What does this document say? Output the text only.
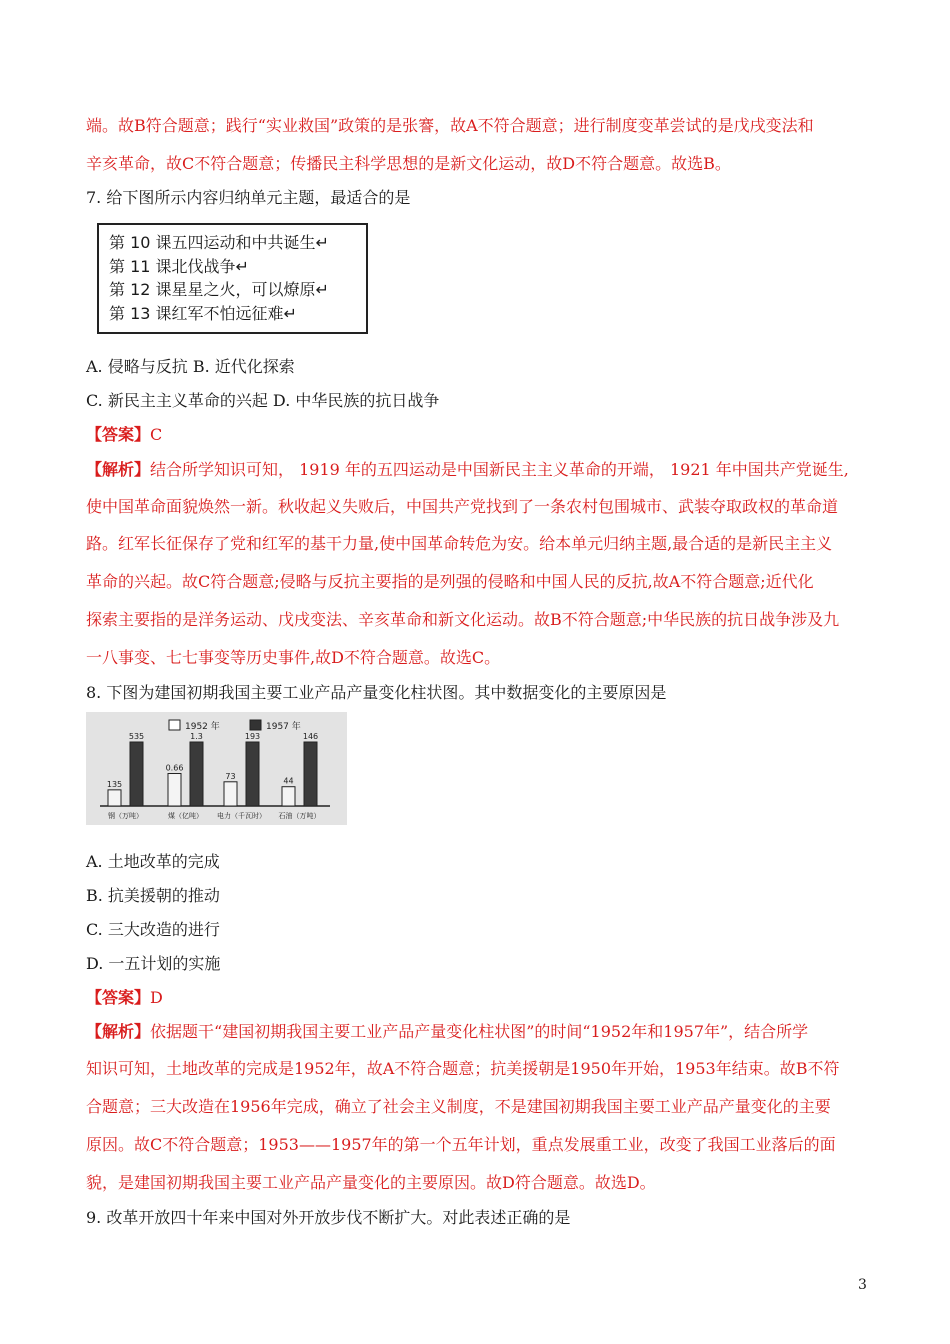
端。故B符合题意；践行“实业救国”政策的是张謇，故A不符合题意；进行制度变革尝试的是戊戌变法和
辛亥革命，故C不符合题意；传播民主科学思想的是新文化运动，故D不符合题意。故选B。
7. 给下图所示内容归纳单元主题，最适合的是
第 10 课五四运动和中共诞生↵
第 11 课北伐战争↵
第 12 课星星之火，可以燎原↵
第 13 课红军不怕远征难↵
A. 侵略与反抗 B. 近代化探索
C. 新民主主义革命的兴起 D. 中华民族的抗日战争
【答案】C
【解析】结合所学知识可知， 1919 年的五四运动是中国新民主主义革命的开端， 1921 年中国共产党诞生,
使中国革命面貌焕然一新。秋收起义失败后，中国共产党找到了一条农村包围城市、武装夺取政权的革命道
路。红军长征保存了党和红军的基干力量,使中国革命转危为安。给本单元归纳主题,最合适的是新民主主义
革命的兴起。故C符合题意;侵略与反抗主要指的是列强的侵略和中国人民的反抗,故A不符合题意;近代化
探索主要指的是洋务运动、戊戌变法、辛亥革命和新文化运动。故B不符合题意;中华民族的抗日战争涉及九
一八事变、七七事变等历史事件,故D不符合题意。故选C。
8. 下图为建国初期我国主要工业产品产量变化柱状图。其中数据变化的主要原因是
1952 年	1957 年
135
535
钢（万吨）
0.66
1.3
煤（亿吨）
73
193
电力（千瓦时）
44
146
石油（万吨）
A. 土地改革的完成
B. 抗美援朝的推动
C. 三大改造的进行
D. 一五计划的实施
【答案】D
【解析】依据题干“建国初期我国主要工业产品产量变化柱状图”的时间“1952年和1957年”，结合所学
知识可知，土地改革的完成是1952年，故A不符合题意；抗美援朝是1950年开始，1953年结束。故B不符
合题意；三大改造在1956年完成，确立了社会主义制度，不是建国初期我国主要工业产品产量变化的主要
原因。故C不符合题意；1953——1957年的第一个五年计划，重点发展重工业，改变了我国工业落后的面
貌，是建国初期我国主要工业产品产量变化的主要原因。故D符合题意。故选D。
9. 改革开放四十年来中国对外开放步伐不断扩大。对此表述正确的是
3
